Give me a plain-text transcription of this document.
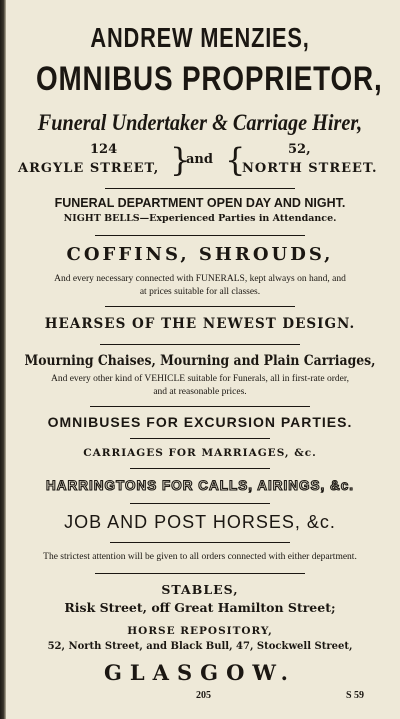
ANDREW MENZIES,
OMNIBUS PROPRIETOR,
Funeral Undertaker & Carriage Hirer,
124
ARGYLE STREET, }
and {	52,
NORTH STREET.
FUNERAL DEPARTMENT OPEN DAY AND NIGHT.
NIGHT BELLS—Experienced Parties in Attendance.
COFFINS, SHROUDS,
And every necessary connected with FUNERALS, kept always on hand, and
at prices suitable for all classes.
HEARSES OF THE NEWEST DESIGN.
Mourning Chaises, Mourning and Plain Carriages,
And every other kind of VEHICLE suitable for Funerals, all in first-rate order,
and at reasonable prices.
OMNIBUSES FOR EXCURSION PARTIES.
CARRIAGES FOR MARRIAGES, &c.
HARRINGTONS FOR CALLS, AIRINGS, &c.
JOB AND POST HORSES, &c.
The strictest attention will be given to all orders connected with either department.
STABLES,
Risk Street, off Great Hamilton Street;
HORSE REPOSITORY,
52, North Street, and Black Bull, 47, Stockwell Street,
GLASGOW.
205	S 59
